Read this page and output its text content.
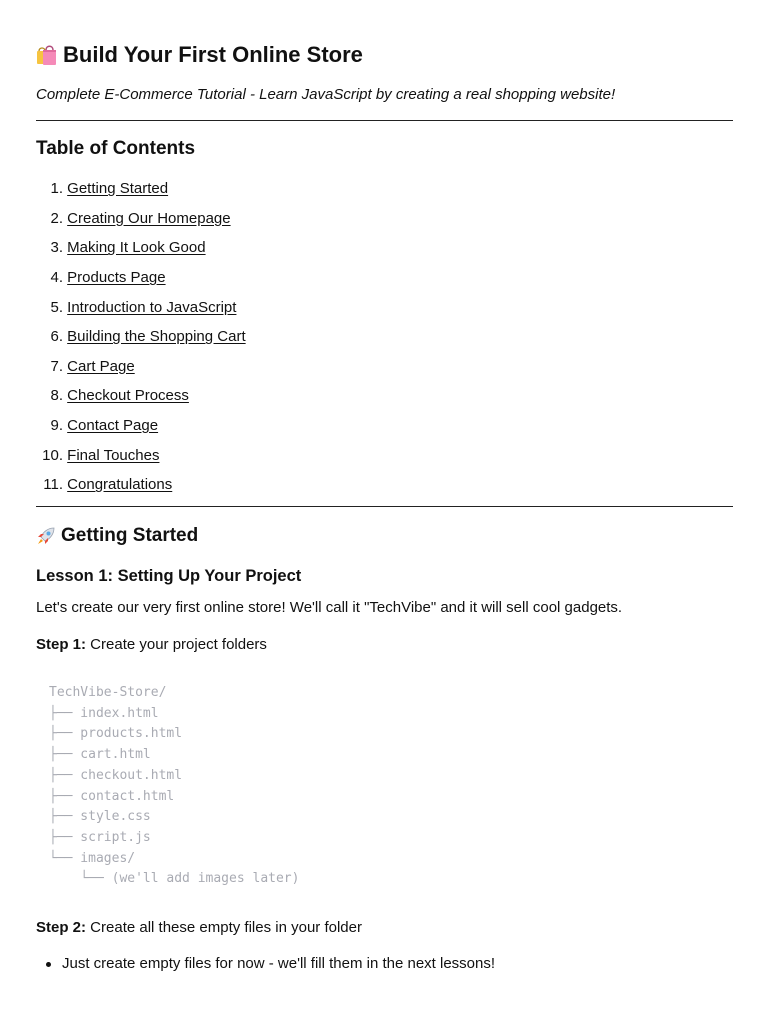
Build Your First Online Store
Complete E-Commerce Tutorial - Learn JavaScript by creating a real shopping website!
Table of Contents
1.
Getting Started
2.
Creating Our Homepage
3.
Making It Look Good
4.
Products Page
5.
Introduction to JavaScript
6.
Building the Shopping Cart
7.
Cart Page
8.
Checkout Process
9.
Contact Page
10.
Final Touches
11.
Congratulations
Getting Started
Lesson 1: Setting Up Your Project
Let's create our very first online store! We'll call it "TechVibe" and it will sell cool gadgets.
Step 1: Create your project folders
TechVibe-Store/
├── index.html
├── products.html
├── cart.html
├── checkout.html
├── contact.html
├── style.css
├── script.js
└── images/
└── (we'll add images later)
Step 2: Create all these empty files in your folder
Just create empty files for now - we'll fill them in the next lessons!
